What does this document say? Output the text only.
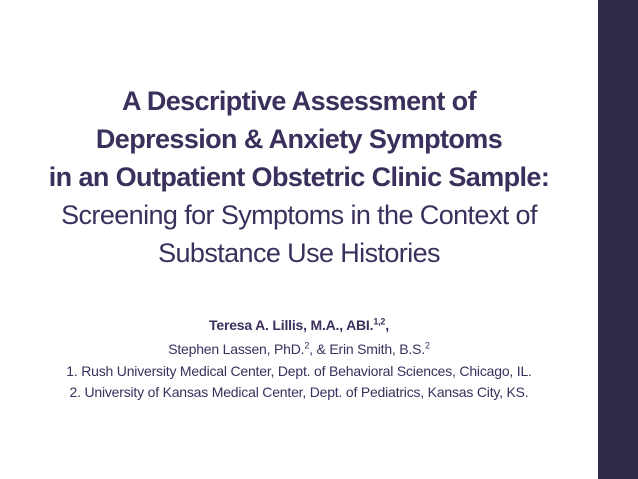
A Descriptive Assessment of
Depression & Anxiety Symptoms
in an Outpatient Obstetric Clinic Sample:
Screening for Symptoms in the Context of
Substance Use Histories
Teresa A. Lillis, M.A., ABI.$^{1,2}$,
Stephen Lassen, PhD.$^2$, & Erin Smith, B.S.$^2$
1. Rush University Medical Center, Dept. of Behavioral Sciences, Chicago, IL.
2. University of Kansas Medical Center, Dept. of Pediatrics, Kansas City, KS.
